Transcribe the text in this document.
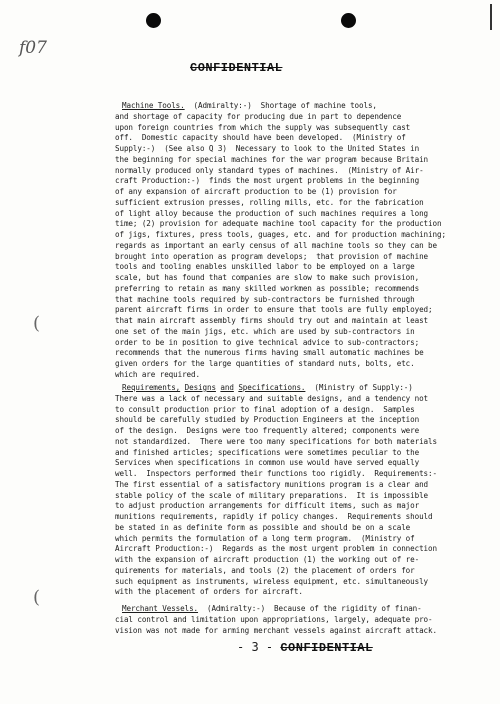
f07
CONFIDENTIAL
(
(
Machine Tools.  (Admiralty:-)  Shortage of machine tools,
and shortage of capacity for producing due in part to dependence
upon foreign countries from which the supply was subsequently cast
off.  Domestic capacity should have been developed.  (Ministry of
Supply:-)  (See also Q 3)  Necessary to look to the United States in
the beginning for special machines for the war program because Britain
normally produced only standard types of machines.  (Ministry of Air-
craft Production:-)  finds the most urgent problems in the beginning
of any expansion of aircraft production to be (1) provision for
sufficient extrusion presses, rolling mills, etc. for the fabrication
of light alloy because the production of such machines requires a long
time; (2) provision for adequate machine tool capacity for the production
of jigs, fixtures, press tools, guages, etc. and for production machining;
regards as important an early census of all machine tools so they can be
brought into operation as program develops;  that provision of machine
tools and tooling enables unskilled labor to be employed on a large
scale, but has found that companies are slow to make such provision,
preferring to retain as many skilled workmen as possible; recommends
that machine tools required by sub-contractors be furnished through
parent aircraft firms in order to ensure that tools are fully employed;
that main aircraft assembly firms should try out and maintain at least
one set of the main jigs, etc. which are used by sub-contractors in
order to be in position to give technical advice to sub-contractors;
recommends that the numerous firms having small automatic machines be
given orders for the large quantities of standard nuts, bolts, etc.
which are required.
Requirements, Designs and Specifications.  (Ministry of Supply:-)
There was a lack of necessary and suitable designs, and a tendency not
to consult production prior to final adoption of a design.  Samples
should be carefully studied by Production Engineers at the inception
of the design.  Designs were too frequently altered; components were
not standardized.  There were too many specifications for both materials
and finished articles; specifications were sometimes peculiar to the
Services when specifications in common use would have served equally
well.  Inspectors performed their functions too rigidly.  Requirements:-
The first essential of a satisfactory munitions program is a clear and
stable policy of the scale of military preparations.  It is impossible
to adjust production arrangements for difficult items, such as major
munitions requirements, rapidly if policy changes.  Requirements should
be stated in as definite form as possible and should be on a scale
which permits the formulation of a long term program.  (Ministry of
Aircraft Production:-)  Regards as the most urgent problem in connection
with the expansion of aircraft production (1) the working out of re-
quirements for materials, and tools (2) the placement of orders for
such equipment as instruments, wireless equipment, etc. simultaneously
with the placement of orders for aircraft.
Merchant Vessels.  (Admiralty:-)  Because of the rigidity of finan-
cial control and limitation upon appropriations, largely, adequate pro-
vision was not made for arming merchant vessels against aircraft attack.
- 3 - CONFIDENTIAL
